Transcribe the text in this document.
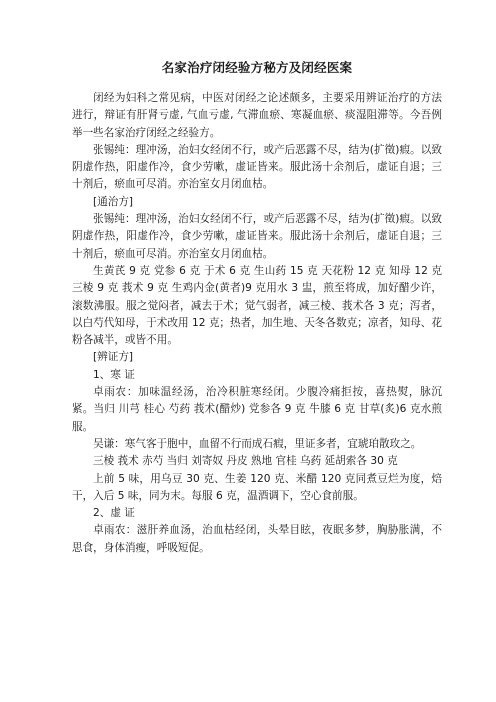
名家治疗闭经验方秘方及闭经医案

闭经为妇科之常见病，中医对闭经之论述颇多，主要采用辨证治疗的方法进行，辩证有肝肾亏虚, 气血亏虚, 气滞血瘀、寒凝血瘀、痰湿阻滞等。今吾例举一些名家治疗闭经之经验方。

张锡纯：理冲汤，治妇女经闭不行，或产后恶露不尽，结为(扩徵)瘕。以致阴虚作热，阳虚作冷，食少劳嗽，虚证皆来。服此汤十余剂后，虚证自退；三十剂后，瘀血可尽消。亦治室女月闭血枯。

[通治方]

张锡纯：理冲汤，治妇女经闭不行，或产后恶露不尽，结为(扩徵)瘕。以致阴虚作热，阳虚作冷，食少劳嗽，虚证皆来。服此汤十余剂后，虚证自退；三十剂后，瘀血可尽消。亦治室女月闭血枯。

生黄芪 9 克 党参 6 克 于术 6 克 生山药 15 克 天花粉 12 克 知母 12 克 三棱 9 克 莪术 9 克 生鸡内金(黄者)9 克用水 3 盅，煎至将成，加好醋少许，滚数沸服。服之觉闷者，减去于术；觉气弱者，减三棱、莪术各 3 克；泻者，以白芍代知母，于术改用 12 克；热者，加生地、天冬各数克；凉者，知母、花粉各减半，或皆不用。

[辨证方]

1、寒 证

卓雨农：加味温经汤，治冷积脏寒经闭。少腹冷痛拒按，喜热熨，脉沉紧。当归 川芎 桂心 芍药 莪术(醋炒) 党参各 9 克 牛膝 6 克 甘草(炙)6 克水煎服。

吴谦：寒气客于胞中，血留不行而成石瘕，里证多者，宜琥珀散玫之。

三棱 莪术 赤芍 当归 刘寄奴 丹皮 熟地 官桂 乌药 延胡索各 30 克

上前 5 味，用乌豆 30 克、生姜 120 克、米醋 120 克同煮豆烂为度，焙干，入后 5 味，同为末。每服 6 克，温酒调下，空心食前服。

2、虚 证

卓雨农：滋肝养血汤，治血枯经闭，头晕目眩，夜眠多梦，胸胁胀满，不思食，身体消瘦，呼吸短促。
